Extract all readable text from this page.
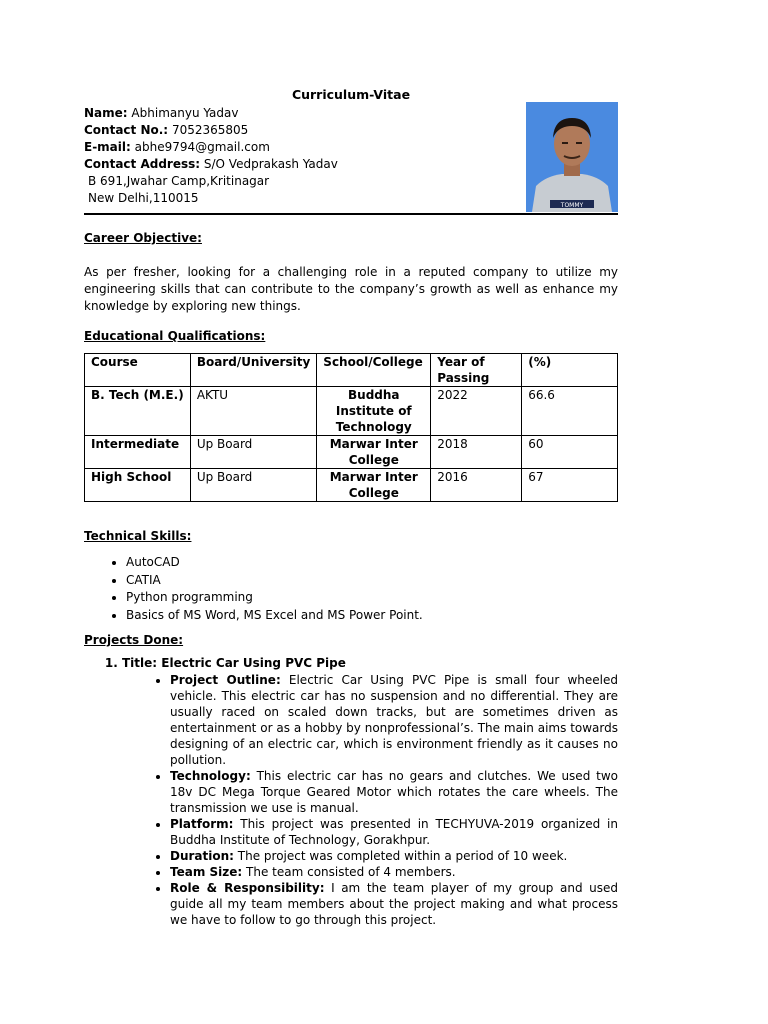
Curriculum-Vitae
Name: Abhimanyu Yadav
Contact No.: 7052365805
E-mail: abhe9794@gmail.com
Contact Address: S/O Vedprakash Yadav
B 691,Jwahar Camp,Kritinagar
New Delhi,110015
TOMMY
Career Objective:

As per fresher, looking for a challenging role in a reputed company to utilize my engineering skills that can contribute to the company’s growth as well as enhance my knowledge by exploring new things.

Educational Qualifications:
Course	Board/University	School/College	Year of Passing	(%)
B. Tech (M.E.)	AKTU	Buddha Institute of Technology	2022	66.6
Intermediate	Up Board	Marwar Inter College	2018	60
High School	Up Board	Marwar Inter College	2016	67
Technical Skills:
• AutoCAD
• CATIA
• Python programming
• Basics of MS Word, MS Excel and MS Power Point.
Projects Done:
1. Title: Electric Car Using PVC Pipe
• Project Outline: Electric Car Using PVC Pipe is small four wheeled vehicle. This electric car has no suspension and no differential. They are usually raced on scaled down tracks, but are sometimes driven as entertainment or as a hobby by nonprofessional’s. The main aims towards designing of an electric car, which is environment friendly as it causes no pollution.
• Technology: This electric car has no gears and clutches. We used two 18v DC Mega Torque Geared Motor which rotates the care wheels. The transmission we use is manual.
• Platform: This project was presented in TECHYUVA-2019 organized in Buddha Institute of Technology, Gorakhpur.
• Duration: The project was completed within a period of 10 week.
• Team Size: The team consisted of 4 members.
• Role & Responsibility: I am the team player of my group and used guide all my team members about the project making and what process we have to follow to go through this project.
